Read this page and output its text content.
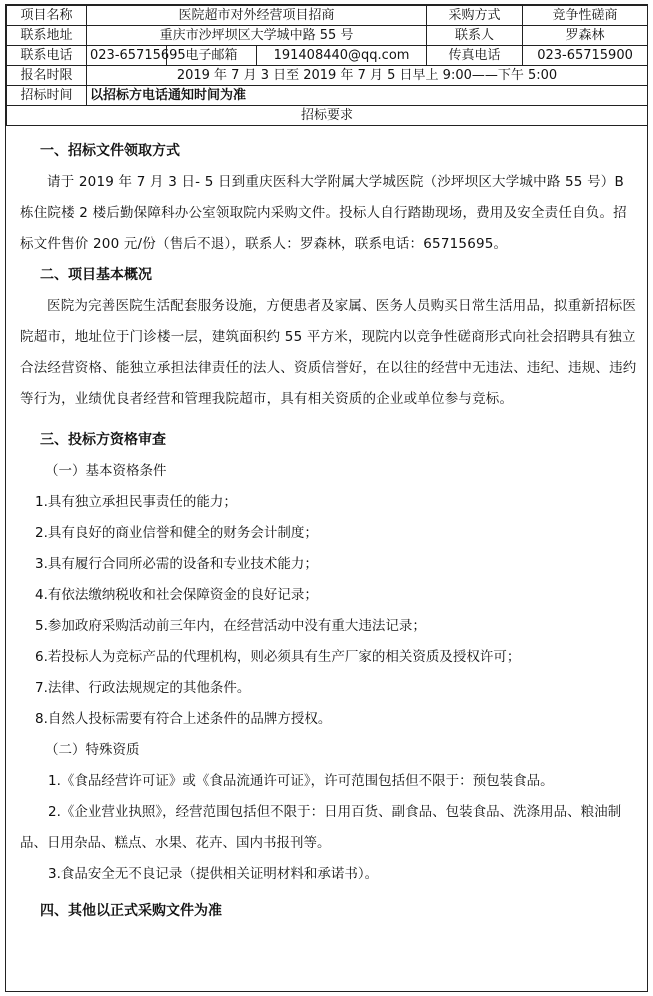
项目名称	医院超市对外经营项目招商			采购方式	竞争性磋商
联系地址	重庆市沙坪坝区大学城中路 55 号			联系人	罗森林
联系电话	023-65715695	电子邮箱	191408440@qq.com	传真电话	023-65715900
报名时限	2019 年 7 月 3 日至 2019 年 7 月 5 日早上 9:00——下午 5:00				
招标时间	以招标方电话通知时间为准				
招标要求					

一、招标文件领取方式

请于 2019 年 7 月 3 日- 5 日到重庆医科大学附属大学城医院（沙坪坝区大学城中路 55 号）B 栋住院楼 2 楼后勤保障科办公室领取院内采购文件。投标人自行踏勘现场，费用及安全责任自负。招标文件售价 200 元/份（售后不退），联系人：罗森林，联系电话：65715695。

二、项目基本概况

医院为完善医院生活配套服务设施，方便患者及家属、医务人员购买日常生活用品，拟重新招标医院超市，地址位于门诊楼一层，建筑面积约 55 平方米，现院内以竞争性磋商形式向社会招聘具有独立合法经营资格、能独立承担法律责任的法人、资质信誉好，在以往的经营中无违法、违纪、违规、违约等行为，业绩优良者经营和管理我院超市，具有相关资质的企业或单位参与竞标。

三、投标方资格审查

（一）基本资格条件

1.具有独立承担民事责任的能力；

2.具有良好的商业信誉和健全的财务会计制度；

3.具有履行合同所必需的设备和专业技术能力；

4.有依法缴纳税收和社会保障资金的良好记录；

5.参加政府采购活动前三年内，在经营活动中没有重大违法记录；

6.若投标人为竞标产品的代理机构，则必须具有生产厂家的相关资质及授权许可；

7.法律、行政法规规定的其他条件。

8.自然人投标需要有符合上述条件的品牌方授权。

（二）特殊资质

1.《食品经营许可证》或《食品流通许可证》，许可范围包括但不限于：预包装食品。

2.《企业营业执照》，经营范围包括但不限于：日用百货、副食品、包装食品、洗涤用品、粮油制品、日用杂品、糕点、水果、花卉、国内书报刊等。

3.食品安全无不良记录（提供相关证明材料和承诺书）。

四、其他以正式采购文件为准
